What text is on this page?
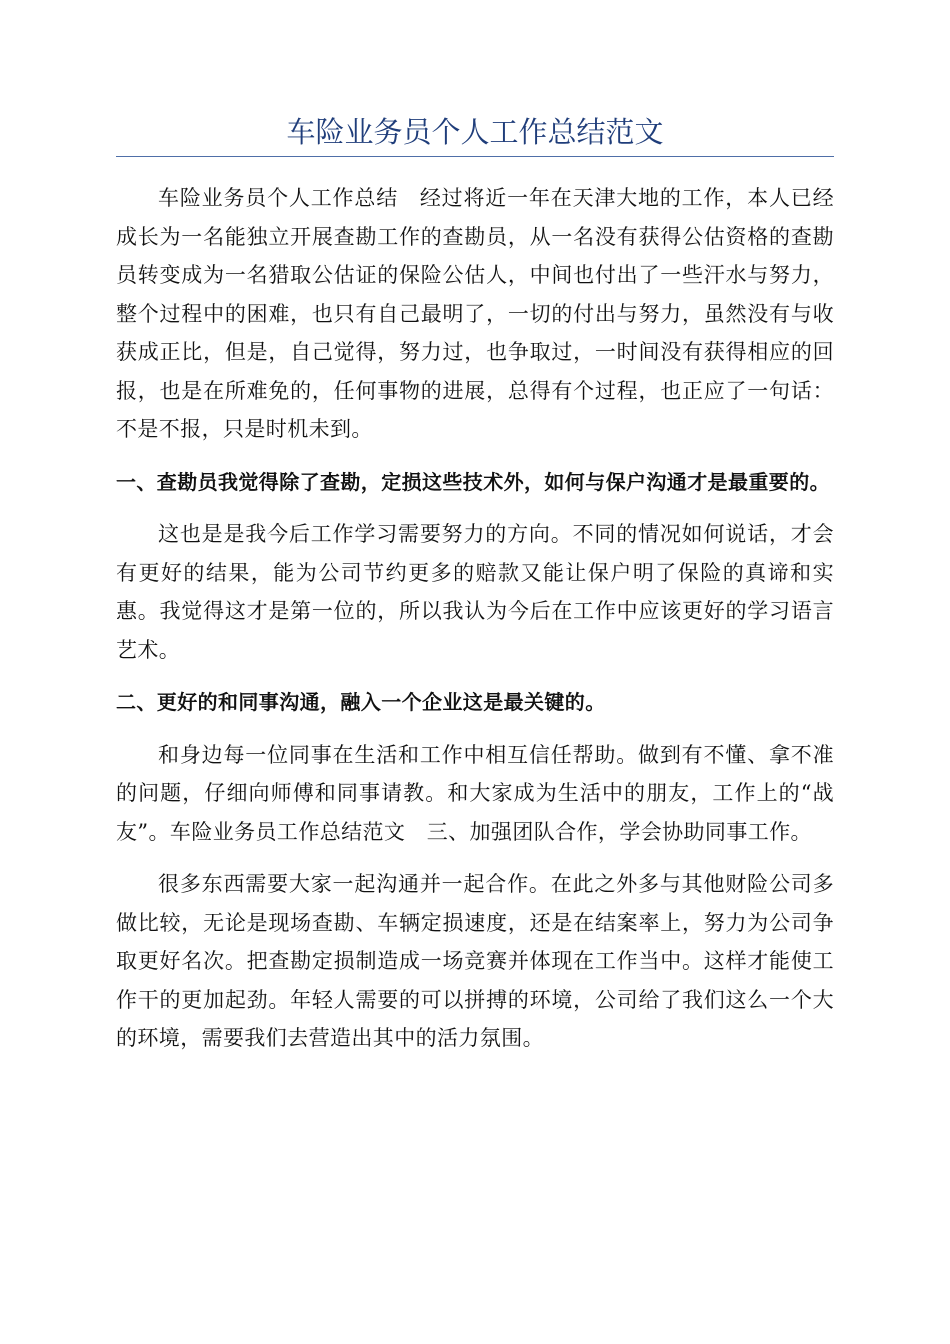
车险业务员个人工作总结范文

车险业务员个人工作总结　经过将近一年在天津大地的工作，本人已经成长为一名能独立开展查勘工作的查勘员，从一名没有获得公估资格的查勘员转变成为一名猎取公估证的保险公估人，中间也付出了一些汗水与努力，整个过程中的困难，也只有自己最明了，一切的付出与努力，虽然没有与收获成正比，但是，自己觉得，努力过，也争取过，一时间没有获得相应的回报，也是在所难免的，任何事物的进展，总得有个过程，也正应了一句话：不是不报，只是时机未到。

一、查勘员我觉得除了查勘，定损这些技术外，如何与保户沟通才是最重要的。

这也是是我今后工作学习需要努力的方向。不同的情况如何说话，才会有更好的结果，能为公司节约更多的赔款又能让保户明了保险的真谛和实惠。我觉得这才是第一位的，所以我认为今后在工作中应该更好的学习语言艺术。

二、更好的和同事沟通，融入一个企业这是最关键的。

和身边每一位同事在生活和工作中相互信任帮助。做到有不懂、拿不准的问题，仔细向师傅和同事请教。和大家成为生活中的朋友，工作上的“战友”。车险业务员工作总结范文　三、加强团队合作，学会协助同事工作。

很多东西需要大家一起沟通并一起合作。在此之外多与其他财险公司多做比较，无论是现场查勘、车辆定损速度，还是在结案率上，努力为公司争取更好名次。把查勘定损制造成一场竞赛并体现在工作当中。这样才能使工作干的更加起劲。年轻人需要的可以拼搏的环境，公司给了我们这么一个大的环境，需要我们去营造出其中的活力氛围。
